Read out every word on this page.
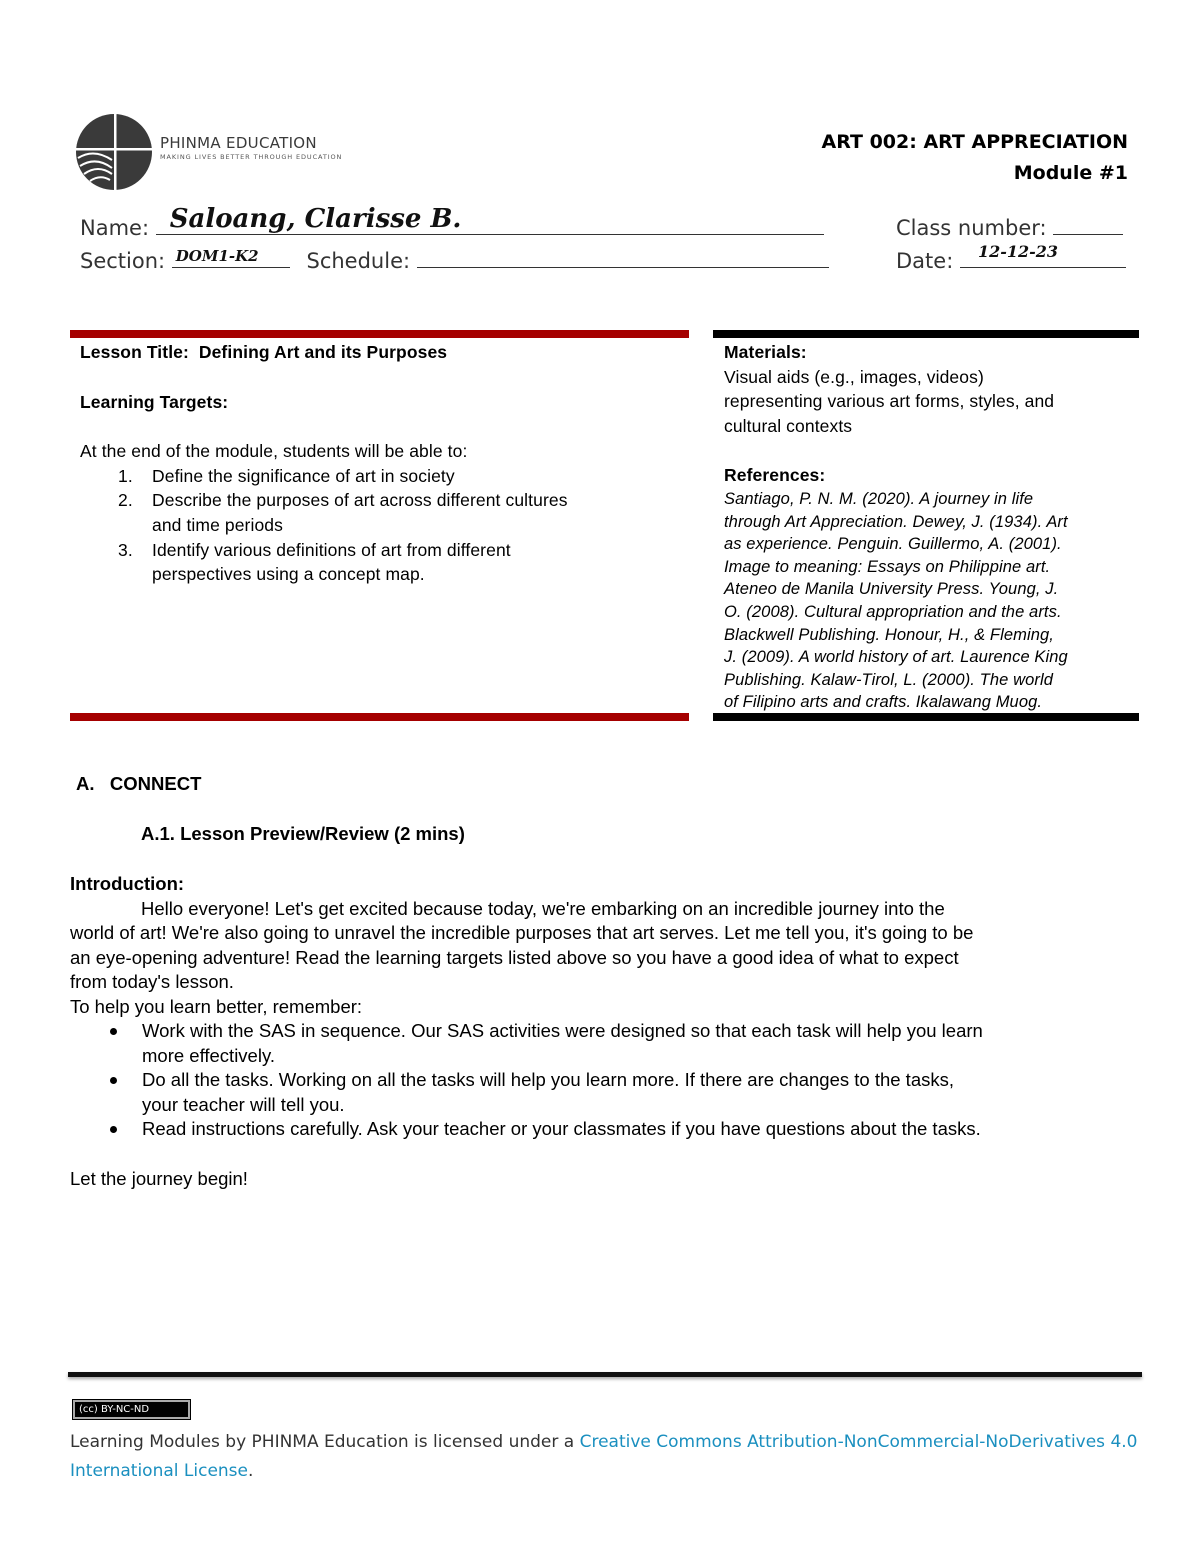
PHINMA EDUCATION
MAKING LIVES BETTER THROUGH EDUCATION
ART 002: ART APPRECIATION
Module #1
Name: Saloang, Clarisse B.	Class number:
Section: DOM1-K2 Schedule:	Date: 12-12-23
Lesson Title: Defining Art and its Purposes
Learning Targets:
At the end of the module, students will be able to:
1. Define the significance of art in society
2. Describe the purposes of art across different cultures
and time periods
3. Identify various definitions of art from different
perspectives using a concept map.
Materials:
Visual aids (e.g., images, videos)
representing various art forms, styles, and
cultural contexts
References:
Santiago, P. N. M. (2020). A journey in life
through Art Appreciation. Dewey, J. (1934). Art
as experience. Penguin. Guillermo, A. (2001).
Image to meaning: Essays on Philippine art.
Ateneo de Manila University Press. Young, J.
O. (2008). Cultural appropriation and the arts.
Blackwell Publishing. Honour, H., & Fleming,
J. (2009). A world history of art. Laurence King
Publishing. Kalaw-Tirol, L. (2000). The world
of Filipino arts and crafts. Ikalawang Muog.
A. CONNECT
A.1. Lesson Preview/Review (2 mins)
Introduction:
Hello everyone! Let's get excited because today, we're embarking on an incredible journey into the
world of art! We're also going to unravel the incredible purposes that art serves. Let me tell you, it's going to be
an eye-opening adventure! Read the learning targets listed above so you have a good idea of what to expect
from today's lesson.
To help you learn better, remember:
Work with the SAS in sequence. Our SAS activities were designed so that each task will help you learn
more effectively.
Do all the tasks. Working on all the tasks will help you learn more. If there are changes to the tasks,
your teacher will tell you.
Read instructions carefully. Ask your teacher or your classmates if you have questions about the tasks.
Let the journey begin!
(cc) BY-NC-ND
Learning Modules by PHINMA Education is licensed under a Creative Commons Attribution-NonCommercial-NoDerivatives 4.0
International License.
